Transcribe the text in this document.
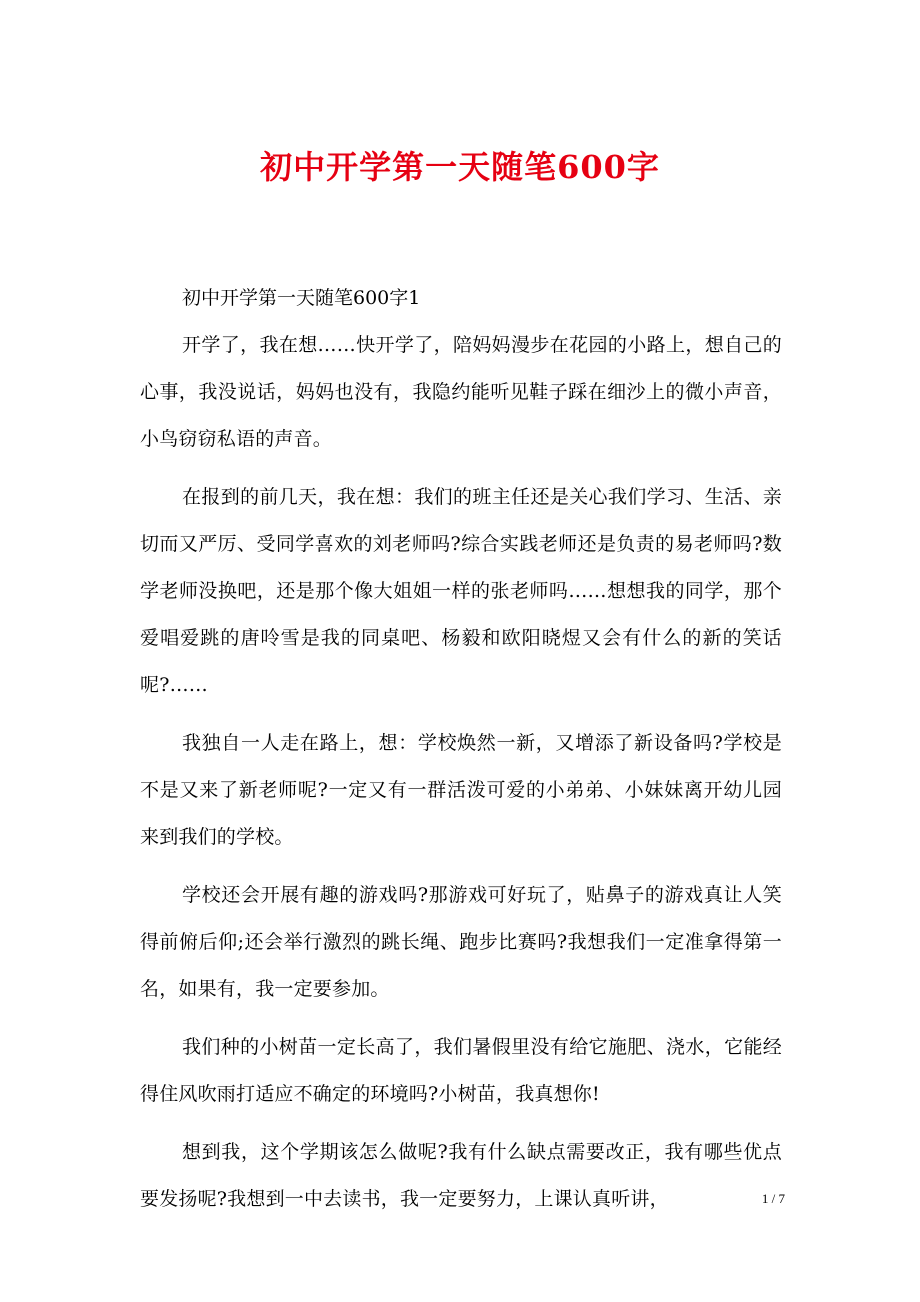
初中开学第一天随笔600字

初中开学第一天随笔600字1

开学了，我在想……快开学了，陪妈妈漫步在花园的小路上，想自己的心事，我没说话，妈妈也没有，我隐约能听见鞋子踩在细沙上的微小声音，小鸟窃窃私语的声音。

在报到的前几天，我在想：我们的班主任还是关心我们学习、生活、亲切而又严厉、受同学喜欢的刘老师吗?综合实践老师还是负责的易老师吗?数学老师没换吧，还是那个像大姐姐一样的张老师吗……想想我的同学，那个爱唱爱跳的唐呤雪是我的同桌吧、杨毅和欧阳晓煜又会有什么的新的笑话呢?……

我独自一人走在路上，想：学校焕然一新，又增添了新设备吗?学校是不是又来了新老师呢?一定又有一群活泼可爱的小弟弟、小妹妹离开幼儿园来到我们的学校。

学校还会开展有趣的游戏吗?那游戏可好玩了，贴鼻子的游戏真让人笑得前俯后仰;还会举行激烈的跳长绳、跑步比赛吗?我想我们一定准拿得第一名，如果有，我一定要参加。

我们种的小树苗一定长高了，我们暑假里没有给它施肥、浇水，它能经得住风吹雨打适应不确定的环境吗?小树苗，我真想你!

想到我，这个学期该怎么做呢?我有什么缺点需要改正，我有哪些优点要发扬呢?我想到一中去读书，我一定要努力，上课认真听讲，	1 / 7
